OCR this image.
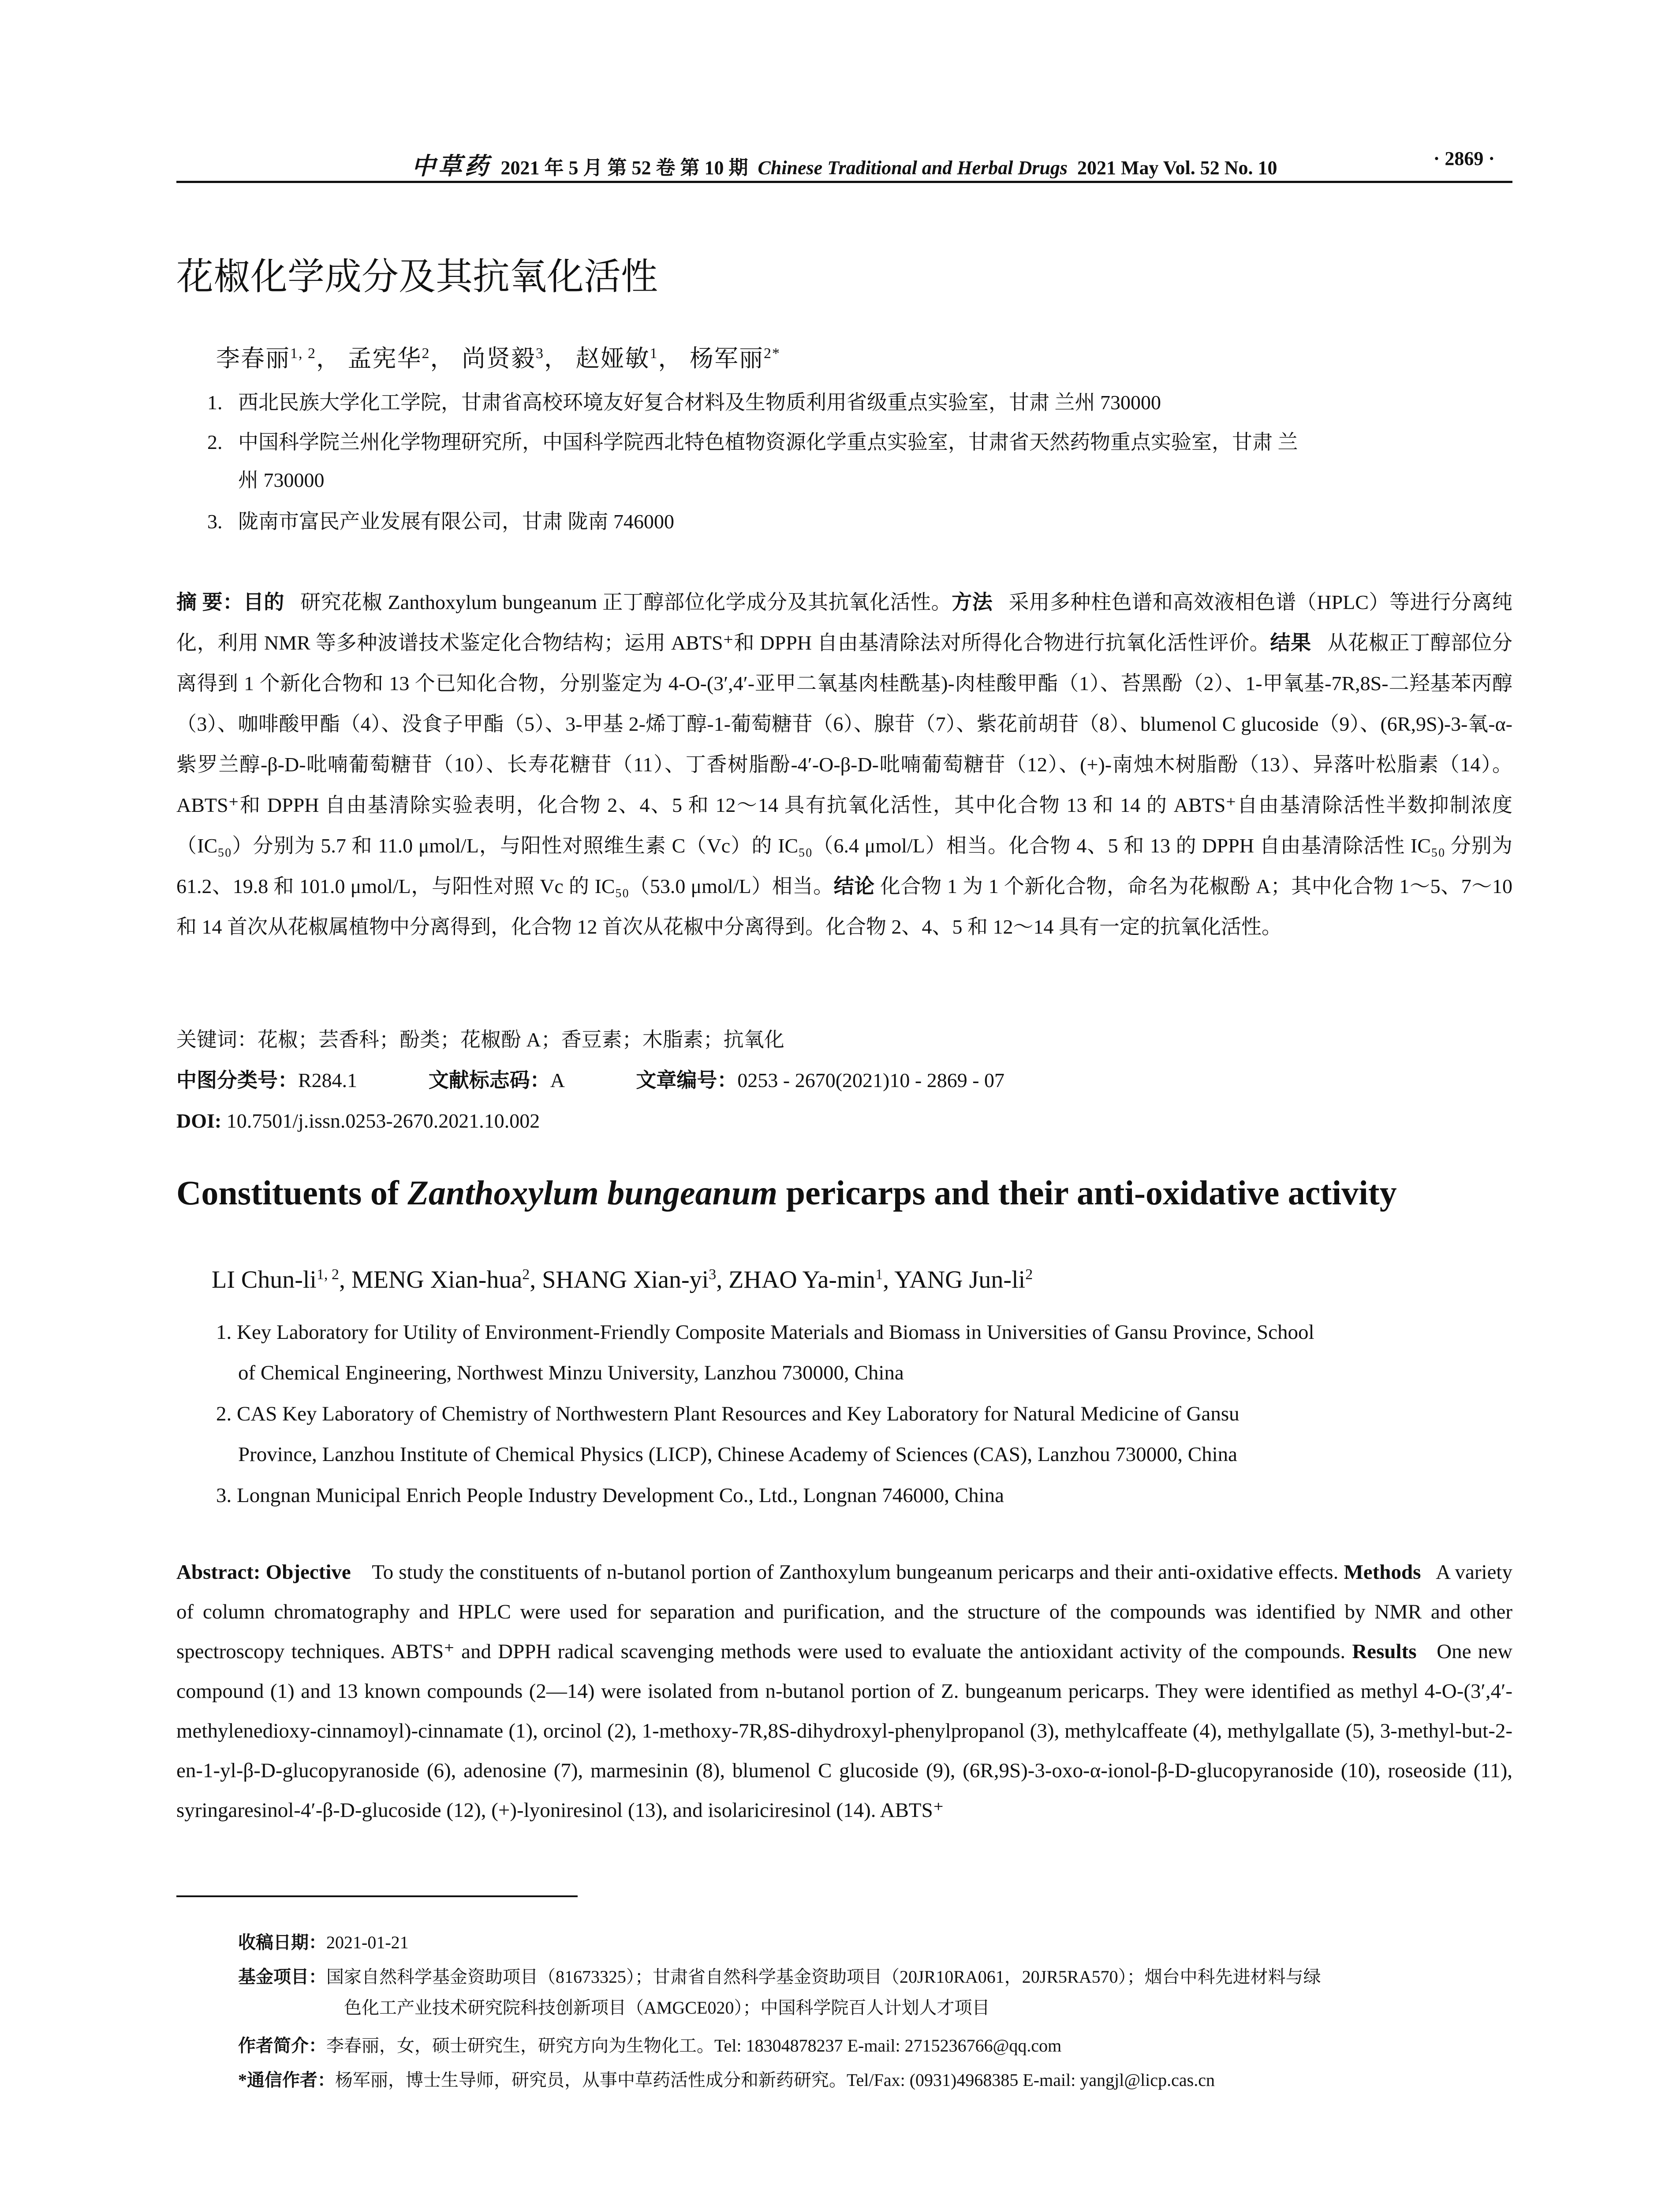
中草药 2021 年 5 月 第 52 卷 第 10 期 Chinese Traditional and Herbal Drugs 2021 May Vol. 52 No. 10	· 2869 ·
花椒化学成分及其抗氧化活性
李春丽$^{1, 2}$， 孟宪华$^2$， 尚贤毅$^3$， 赵娅敏$^1$， 杨军丽$^{2*}$
1. 西北民族大学化工学院，甘肃省高校环境友好复合材料及生物质利用省级重点实验室，甘肃 兰州 730000
2. 中国科学院兰州化学物理研究所，中国科学院西北特色植物资源化学重点实验室，甘肃省天然药物重点实验室，甘肃 兰
州 730000
3. 陇南市富民产业发展有限公司，甘肃 陇南 746000
摘 要：目的 研究花椒 Zanthoxylum bungeanum 正丁醇部位化学成分及其抗氧化活性。方法 采用多种柱色谱和高效液相色谱（HPLC）等进行分离纯化，利用 NMR 等多种波谱技术鉴定化合物结构；运用 ABTS⁺和 DPPH 自由基清除法对所得化合物进行抗氧化活性评价。结果 从花椒正丁醇部位分离得到 1 个新化合物和 13 个已知化合物，分别鉴定为 4-O-(3′,4′-亚甲二氧基肉桂酰基)-肉桂酸甲酯（1）、苔黑酚（2）、1-甲氧基-7R,8S-二羟基苯丙醇（3）、咖啡酸甲酯（4）、没食子甲酯（5）、3-甲基 2-烯丁醇-1-葡萄糖苷（6）、腺苷（7）、紫花前胡苷（8）、blumenol C glucoside（9）、(6R,9S)-3-氧-α-紫罗兰醇-β-D-吡喃葡萄糖苷（10）、长寿花糖苷（11）、丁香树脂酚-4′-O-β-D-吡喃葡萄糖苷（12）、(+)-南烛木树脂酚（13）、异落叶松脂素（14）。ABTS⁺和 DPPH 自由基清除实验表明，化合物 2、4、5 和 12～14 具有抗氧化活性，其中化合物 13 和 14 的 ABTS⁺自由基清除活性半数抑制浓度（IC₅₀）分别为 5.7 和 11.0 μmol/L，与阳性对照维生素 C（Vc）的 IC₅₀（6.4 μmol/L）相当。化合物 4、5 和 13 的 DPPH 自由基清除活性 IC₅₀ 分别为 61.2、19.8 和 101.0 μmol/L，与阳性对照 Vc 的 IC₅₀（53.0 μmol/L）相当。结论 化合物 1 为 1 个新化合物，命名为花椒酚 A；其中化合物 1～5、7～10 和 14 首次从花椒属植物中分离得到，化合物 12 首次从花椒中分离得到。化合物 2、4、5 和 12～14 具有一定的抗氧化活性。
关键词：花椒；芸香科；酚类；花椒酚 A；香豆素；木脂素；抗氧化
中图分类号：R284.1	文献标志码：A	文章编号：0253 - 2670(2021)10 - 2869 - 07
DOI: 10.7501/j.issn.0253-2670.2021.10.002
Constituents of Zanthoxylum bungeanum pericarps and their anti-oxidative activity
LI Chun-li$^{1, 2}$, MENG Xian-hua$^2$, SHANG Xian-$yi^3$, ZHAO $Ya-\min^1$, YANG Jun-$li^2$
1. Key Laboratory for Utility of Environment-Friendly Composite Materials and Biomass in Universities of Gansu Province, School
of Chemical Engineering, Northwest Minzu University, Lanzhou 730000, China
2. CAS Key Laboratory of Chemistry of Northwestern Plant Resources and Key Laboratory for Natural Medicine of Gansu
Province, Lanzhou Institute of Chemical Physics (LICP), Chinese Academy of Sciences (CAS), Lanzhou 730000, China
3. Longnan Municipal Enrich People Industry Development Co., Ltd., Longnan 746000, China
Abstract: Objective To study the constituents of n-butanol portion of Zanthoxylum bungeanum pericarps and their anti-oxidative effects. Methods A variety of column chromatography and HPLC were used for separation and purification, and the structure of the compounds was identified by NMR and other spectroscopy techniques. ABTS⁺ and DPPH radical scavenging methods were used to evaluate the antioxidant activity of the compounds. Results One new compound (1) and 13 known compounds (2—14) were isolated from n-butanol portion of Z. bungeanum pericarps. They were identified as methyl 4-O-(3′,4′-methylenedioxy-cinnamoyl)-cinnamate (1), orcinol (2), 1-methoxy-7R,8S-dihydroxyl-phenylpropanol (3), methylcaffeate (4), methylgallate (5), 3-methyl-but-2-en-1-yl-β-D-glucopyranoside (6), adenosine (7), marmesinin (8), blumenol C glucoside (9), (6R,9S)-3-oxo-α-ionol-β-D-glucopyranoside (10), roseoside (11), syringaresinol-4′-β-D-glucoside (12), (+)-lyoniresinol (13), and isolariciresinol (14). ABTS⁺
收稿日期：2021-01-21
基金项目：国家自然科学基金资助项目（81673325）；甘肃省自然科学基金资助项目（20JR10RA061，20JR5RA570）；烟台中科先进材料与绿
色化工产业技术研究院科技创新项目（AMGCE020）；中国科学院百人计划人才项目
作者简介：李春丽，女，硕士研究生，研究方向为生物化工。Tel: 18304878237 E-mail: 2715236766@qq.com
*通信作者：杨军丽，博士生导师，研究员，从事中草药活性成分和新药研究。Tel/Fax: (0931)4968385 E-mail: yangjl@licp.cas.cn
